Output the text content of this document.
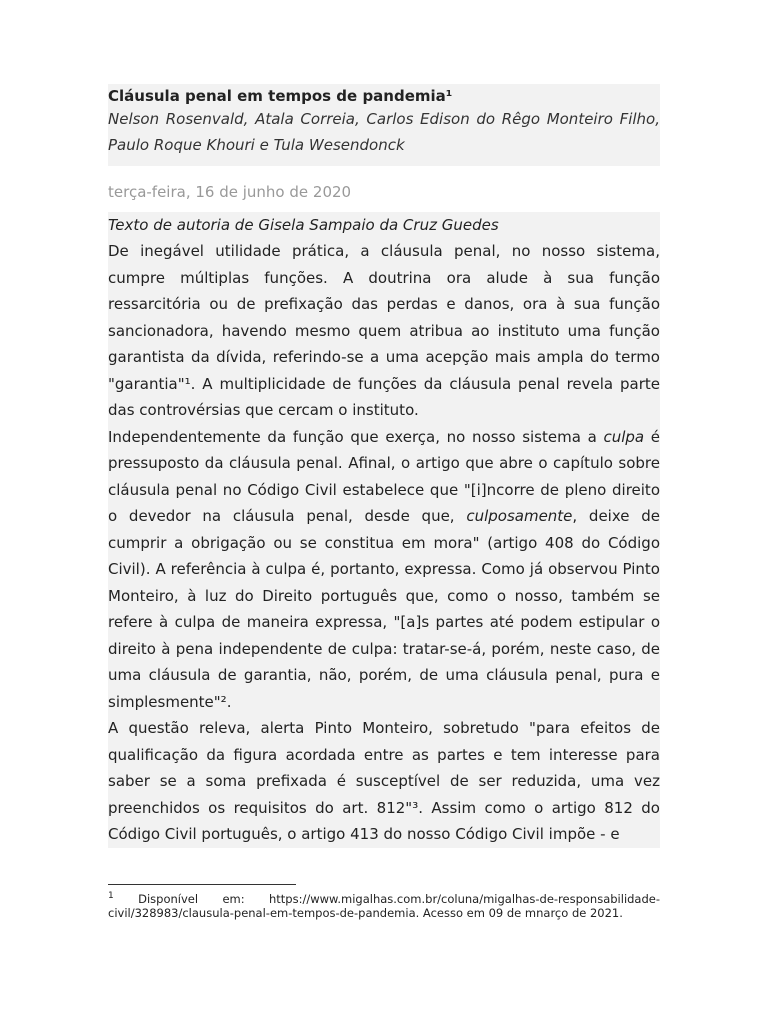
Cláusula penal em tempos de pandemia¹

Nelson Rosenvald, Atala Correia, Carlos Edison do Rêgo Monteiro Filho, Paulo Roque Khouri e Tula Wesendonck

terça-feira, 16 de junho de 2020

Texto de autoria de Gisela Sampaio da Cruz Guedes

De inegável utilidade prática, a cláusula penal, no nosso sistema, cumpre múltiplas funções. A doutrina ora alude à sua função ressarcitória ou de prefixação das perdas e danos, ora à sua função sancionadora, havendo mesmo quem atribua ao instituto uma função garantista da dívida, referindo-se a uma acepção mais ampla do termo "garantia"¹. A multiplicidade de funções da cláusula penal revela parte das controvérsias que cercam o instituto.

Independentemente da função que exerça, no nosso sistema a culpa é pressuposto da cláusula penal. Afinal, o artigo que abre o capítulo sobre cláusula penal no Código Civil estabelece que "[i]ncorre de pleno direito o devedor na cláusula penal, desde que, culposamente, deixe de cumprir a obrigação ou se constitua em mora" (artigo 408 do Código Civil). A referência à culpa é, portanto, expressa. Como já observou Pinto Monteiro, à luz do Direito português que, como o nosso, também se refere à culpa de maneira expressa, "[a]s partes até podem estipular o direito à pena independente de culpa: tratar-se-á, porém, neste caso, de uma cláusula de garantia, não, porém, de uma cláusula penal, pura e simplesmente"².

A questão releva, alerta Pinto Monteiro, sobretudo "para efeitos de qualificação da figura acordada entre as partes e tem interesse para saber se a soma prefixada é susceptível de ser reduzida, uma vez preenchidos os requisitos do art. 812"³. Assim como o artigo 812 do Código Civil português, o artigo 413 do nosso Código Civil impõe - e

$^1$ Disponível em: https://www.migalhas.com.br/coluna/migalhas-de-responsabilidade-civil/328983/clausula-penal-em-tempos-de-pandemia. Acesso em 09 de mnarço de 2021.
